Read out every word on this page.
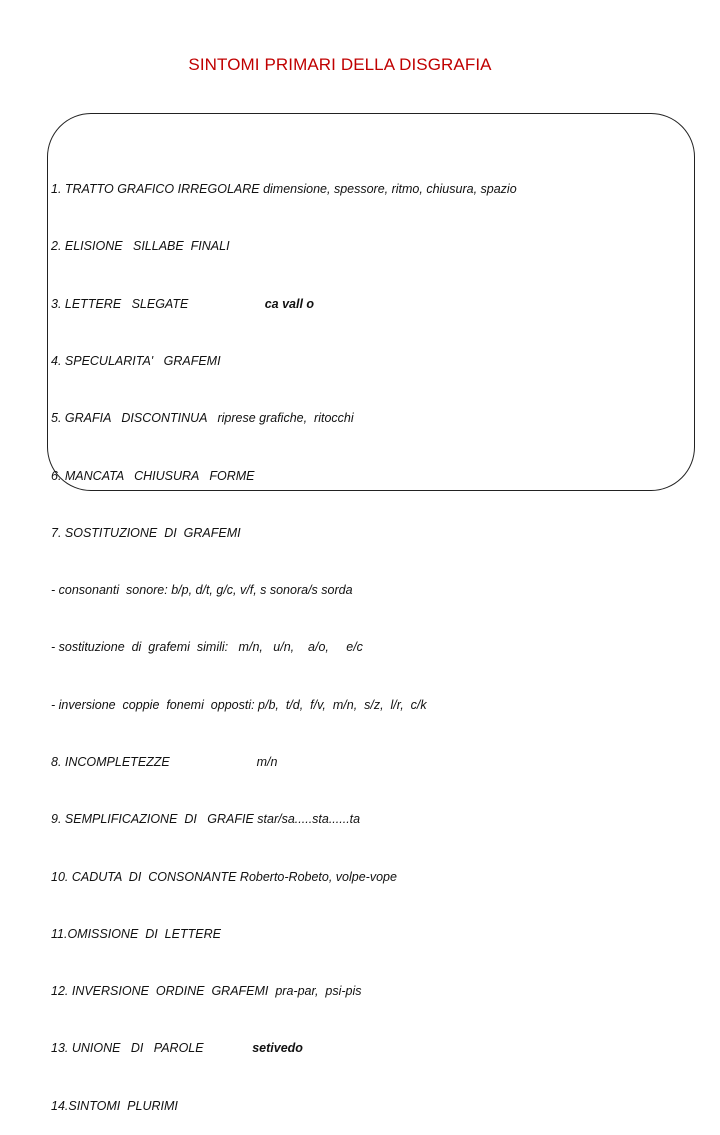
SINTOMI PRIMARI DELLA DISGRAFIA

1. TRATTO GRAFICO IRREGOLARE dimensione, spessore, ritmo, chiusura, spazio

2. ELISIONE   SILLABE  FINALI

3. LETTERE   SLEGATE                      ca vall o

4. SPECULARITA'   GRAFEMI

5. GRAFIA   DISCONTINUA   riprese grafiche,  ritocchi

6. MANCATA   CHIUSURA   FORME

7. SOSTITUZIONE  DI  GRAFEMI

- consonanti  sonore: b/p, d/t, g/c, v/f, s sonora/s sorda

- sostituzione  di  grafemi  simili:   m/n,   u/n,    a/o,     e/c

- inversione  coppie  fonemi  opposti: p/b,  t/d,  f/v,  m/n,  s/z,  l/r,  c/k

8. INCOMPLETEZZE                         m/n

9. SEMPLIFICAZIONE  DI   GRAFIE star/sa.....sta......ta

10. CADUTA  DI  CONSONANTE Roberto-Robeto, volpe-vope

11.OMISSIONE  DI  LETTERE

12. INVERSIONE  ORDINE  GRAFEMI  pra-par,  psi-pis

13. UNIONE   DI   PAROLE              setivedo

14.SINTOMI  PLURIMI
